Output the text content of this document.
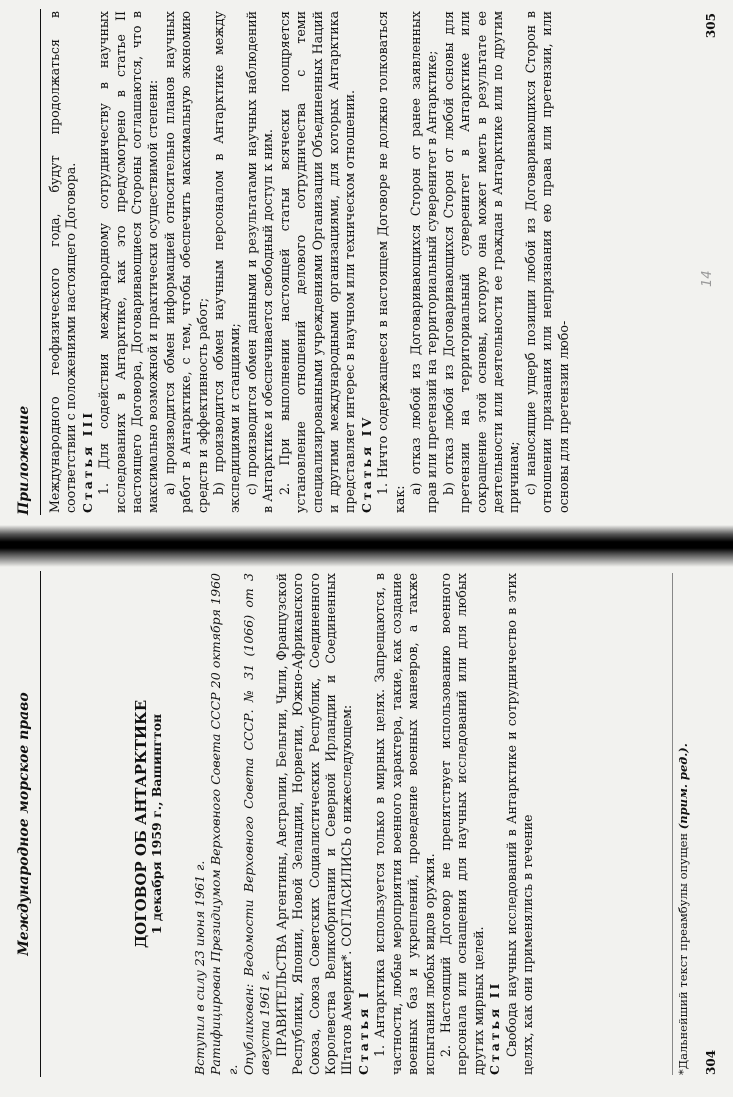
Международное морское право	ДОГОВОР ОБ АНТАРКТИКЕ 1 декабря 1959 г., Вашингтон

Вступил в силу 23 июня 1961 г. Ратифицирован Президиумом Верховного Совета СССР 20 октября 1960 г. Опубликован: Ведомости Верховного Совета СССР. № 31 (1066) от 3 августа 1961 г. ПРАВИТЕЛЬСТВА Аргентины, Австралии, Бельгии, Чили, Французской Республики, Японии, Новой Зеландии, Норвегии, Южно-Африканского Союза, Союза Советских Социалистических Республик, Соединенного Королевства Великобритании и Северной Ирландии и Соединенных Штатов Америки*. СОГЛАСИЛИСЬ о нижеследующем: Статья I 1. Антарктика используется только в мирных целях. Запрещаются, в частности, любые мероприятия военного характера, такие, как создание военных баз и укреплений, проведение военных маневров, а также испытания любых видов оружия. 2. Настоящий Договор не препятствует использованию военного персонала или оснащения для научных исследований или для любых других мирных целей. Статья II Свобода научных исследований в Антарктике и сотрудничество в этих целях, как они применялись в течение	*Дальнейший текст преамбулы опущен (прим. ред.).
304
Приложение	Международного геофизического года, будут продолжаться в соответствии с положениями настоящего Договора. Статья III 1. Для содействия международному сотрудничеству в научных исследованиях в Антарктике, как это предусмотрено в статье II настоящего Договора, Договаривающиеся Стороны соглашаются, что в максимально возможной и практически осуществимой степени: a) производится обмен информацией относительно планов научных работ в Антарктике, с тем, чтобы обеспечить максимальную экономию средств и эффективность работ; b) производится обмен научным персоналом в Антарктике между экспедициями и станциями; c) производится обмен данными и результатами научных наблюдений в Антарктике и обеспечивается свободный доступ к ним. 2. При выполнении настоящей статьи всячески поощряется установление отношений делового сотрудничества с теми специализированными учреждениями Организации Объединенных Наций и другими международными организациями, для которых Антарктика представляет интерес в научном или техническом отношении. Статья IV 1. Ничто содержащееся в настоящем Договоре не должно толковаться как:

a) отказ любой из Договаривающихся Сторон от ранее заявленных прав или претензий на территориальный суверенитет в Антарктике; b) отказ любой из Договаривающихся Сторон от любой основы для претензии на территориальный суверенитет в Антарктике или сокращение этой основы, которую она может иметь в результате ее деятельности или деятельности ее граждан в Антарктике или по другим причинам; c) наносящие ущерб позиции любой из Договаривающихся Сторон в отношении признания или непризнания ею права или претензии, или основы для претензии любо-

14
305
